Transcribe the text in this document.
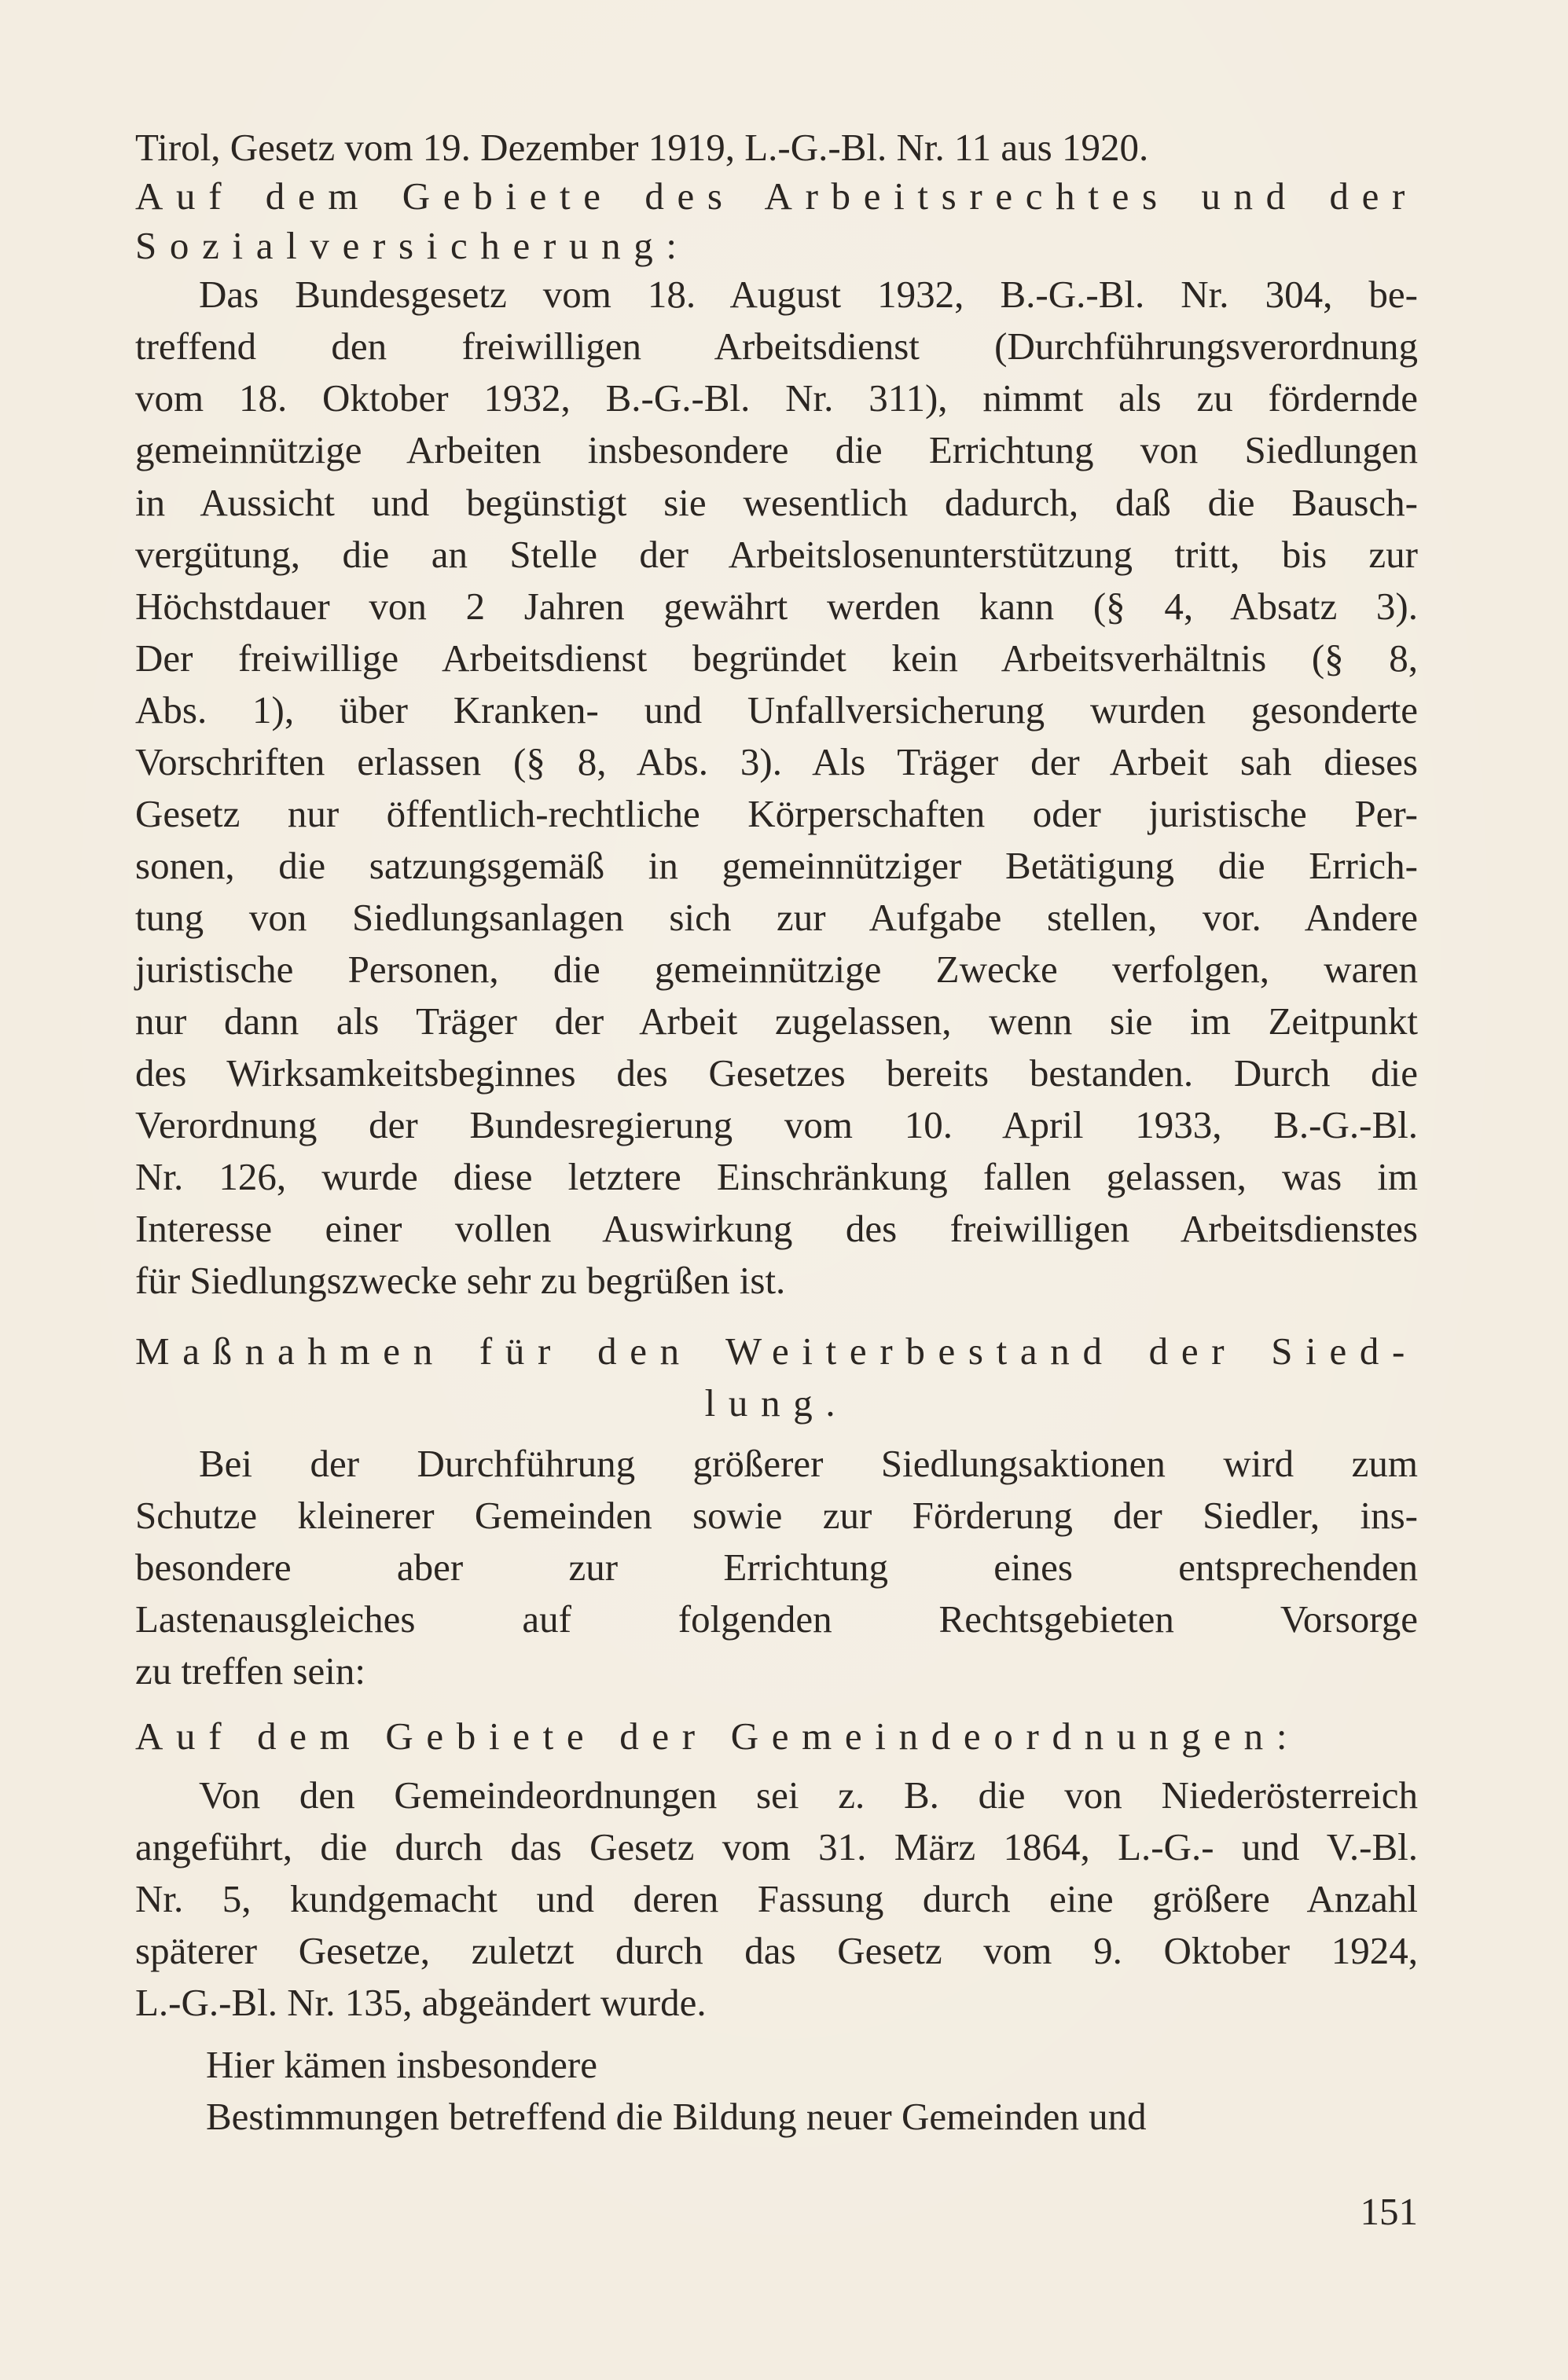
Tirol, Gesetz vom 19. Dezember 1919, L.-G.-Bl. Nr. 11 aus 1920.
Auf dem Gebiete des Arbeitsrechtes und der
Sozialversicherung:
Das Bundesgesetz vom 18. August 1932, B.-G.-Bl. Nr. 304, be-
treffend den freiwilligen Arbeitsdienst (Durchführungsverordnung
vom 18. Oktober 1932, B.-G.-Bl. Nr. 311), nimmt als zu fördernde
gemeinnützige Arbeiten insbesondere die Errichtung von Siedlungen
in Aussicht und begünstigt sie wesentlich dadurch, daß die Bausch-
vergütung, die an Stelle der Arbeitslosenunterstützung tritt, bis zur
Höchstdauer von 2 Jahren gewährt werden kann (§ 4, Absatz 3).
Der freiwillige Arbeitsdienst begründet kein Arbeitsverhältnis (§ 8,
Abs. 1), über Kranken- und Unfallversicherung wurden gesonderte
Vorschriften erlassen (§ 8, Abs. 3). Als Träger der Arbeit sah dieses
Gesetz nur öffentlich-rechtliche Körperschaften oder juristische Per-
sonen, die satzungsgemäß in gemeinnütziger Betätigung die Errich-
tung von Siedlungsanlagen sich zur Aufgabe stellen, vor. Andere
juristische Personen, die gemeinnützige Zwecke verfolgen, waren
nur dann als Träger der Arbeit zugelassen, wenn sie im Zeitpunkt
des Wirksamkeitsbeginnes des Gesetzes bereits bestanden. Durch die
Verordnung der Bundesregierung vom 10. April 1933, B.-G.-Bl.
Nr. 126, wurde diese letztere Einschränkung fallen gelassen, was im
Interesse einer vollen Auswirkung des freiwilligen Arbeitsdienstes
für Siedlungszwecke sehr zu begrüßen ist.
Maßnahmen für den Weiterbestand der Sied-
lung.
Bei der Durchführung größerer Siedlungsaktionen wird zum
Schutze kleinerer Gemeinden sowie zur Förderung der Siedler, ins-
besondere aber zur Errichtung eines entsprechenden
Lastenausgleiches auf folgenden Rechtsgebieten Vorsorge
zu treffen sein:
Auf dem Gebiete der Gemeindeordnungen:
Von den Gemeindeordnungen sei z. B. die von Niederösterreich
angeführt, die durch das Gesetz vom 31. März 1864, L.-G.- und V.-Bl.
Nr. 5, kundgemacht und deren Fassung durch eine größere Anzahl
späterer Gesetze, zuletzt durch das Gesetz vom 9. Oktober 1924,
L.-G.-Bl. Nr. 135, abgeändert wurde.
Hier kämen insbesondere
Bestimmungen betreffend die Bildung neuer Gemeinden und
151
